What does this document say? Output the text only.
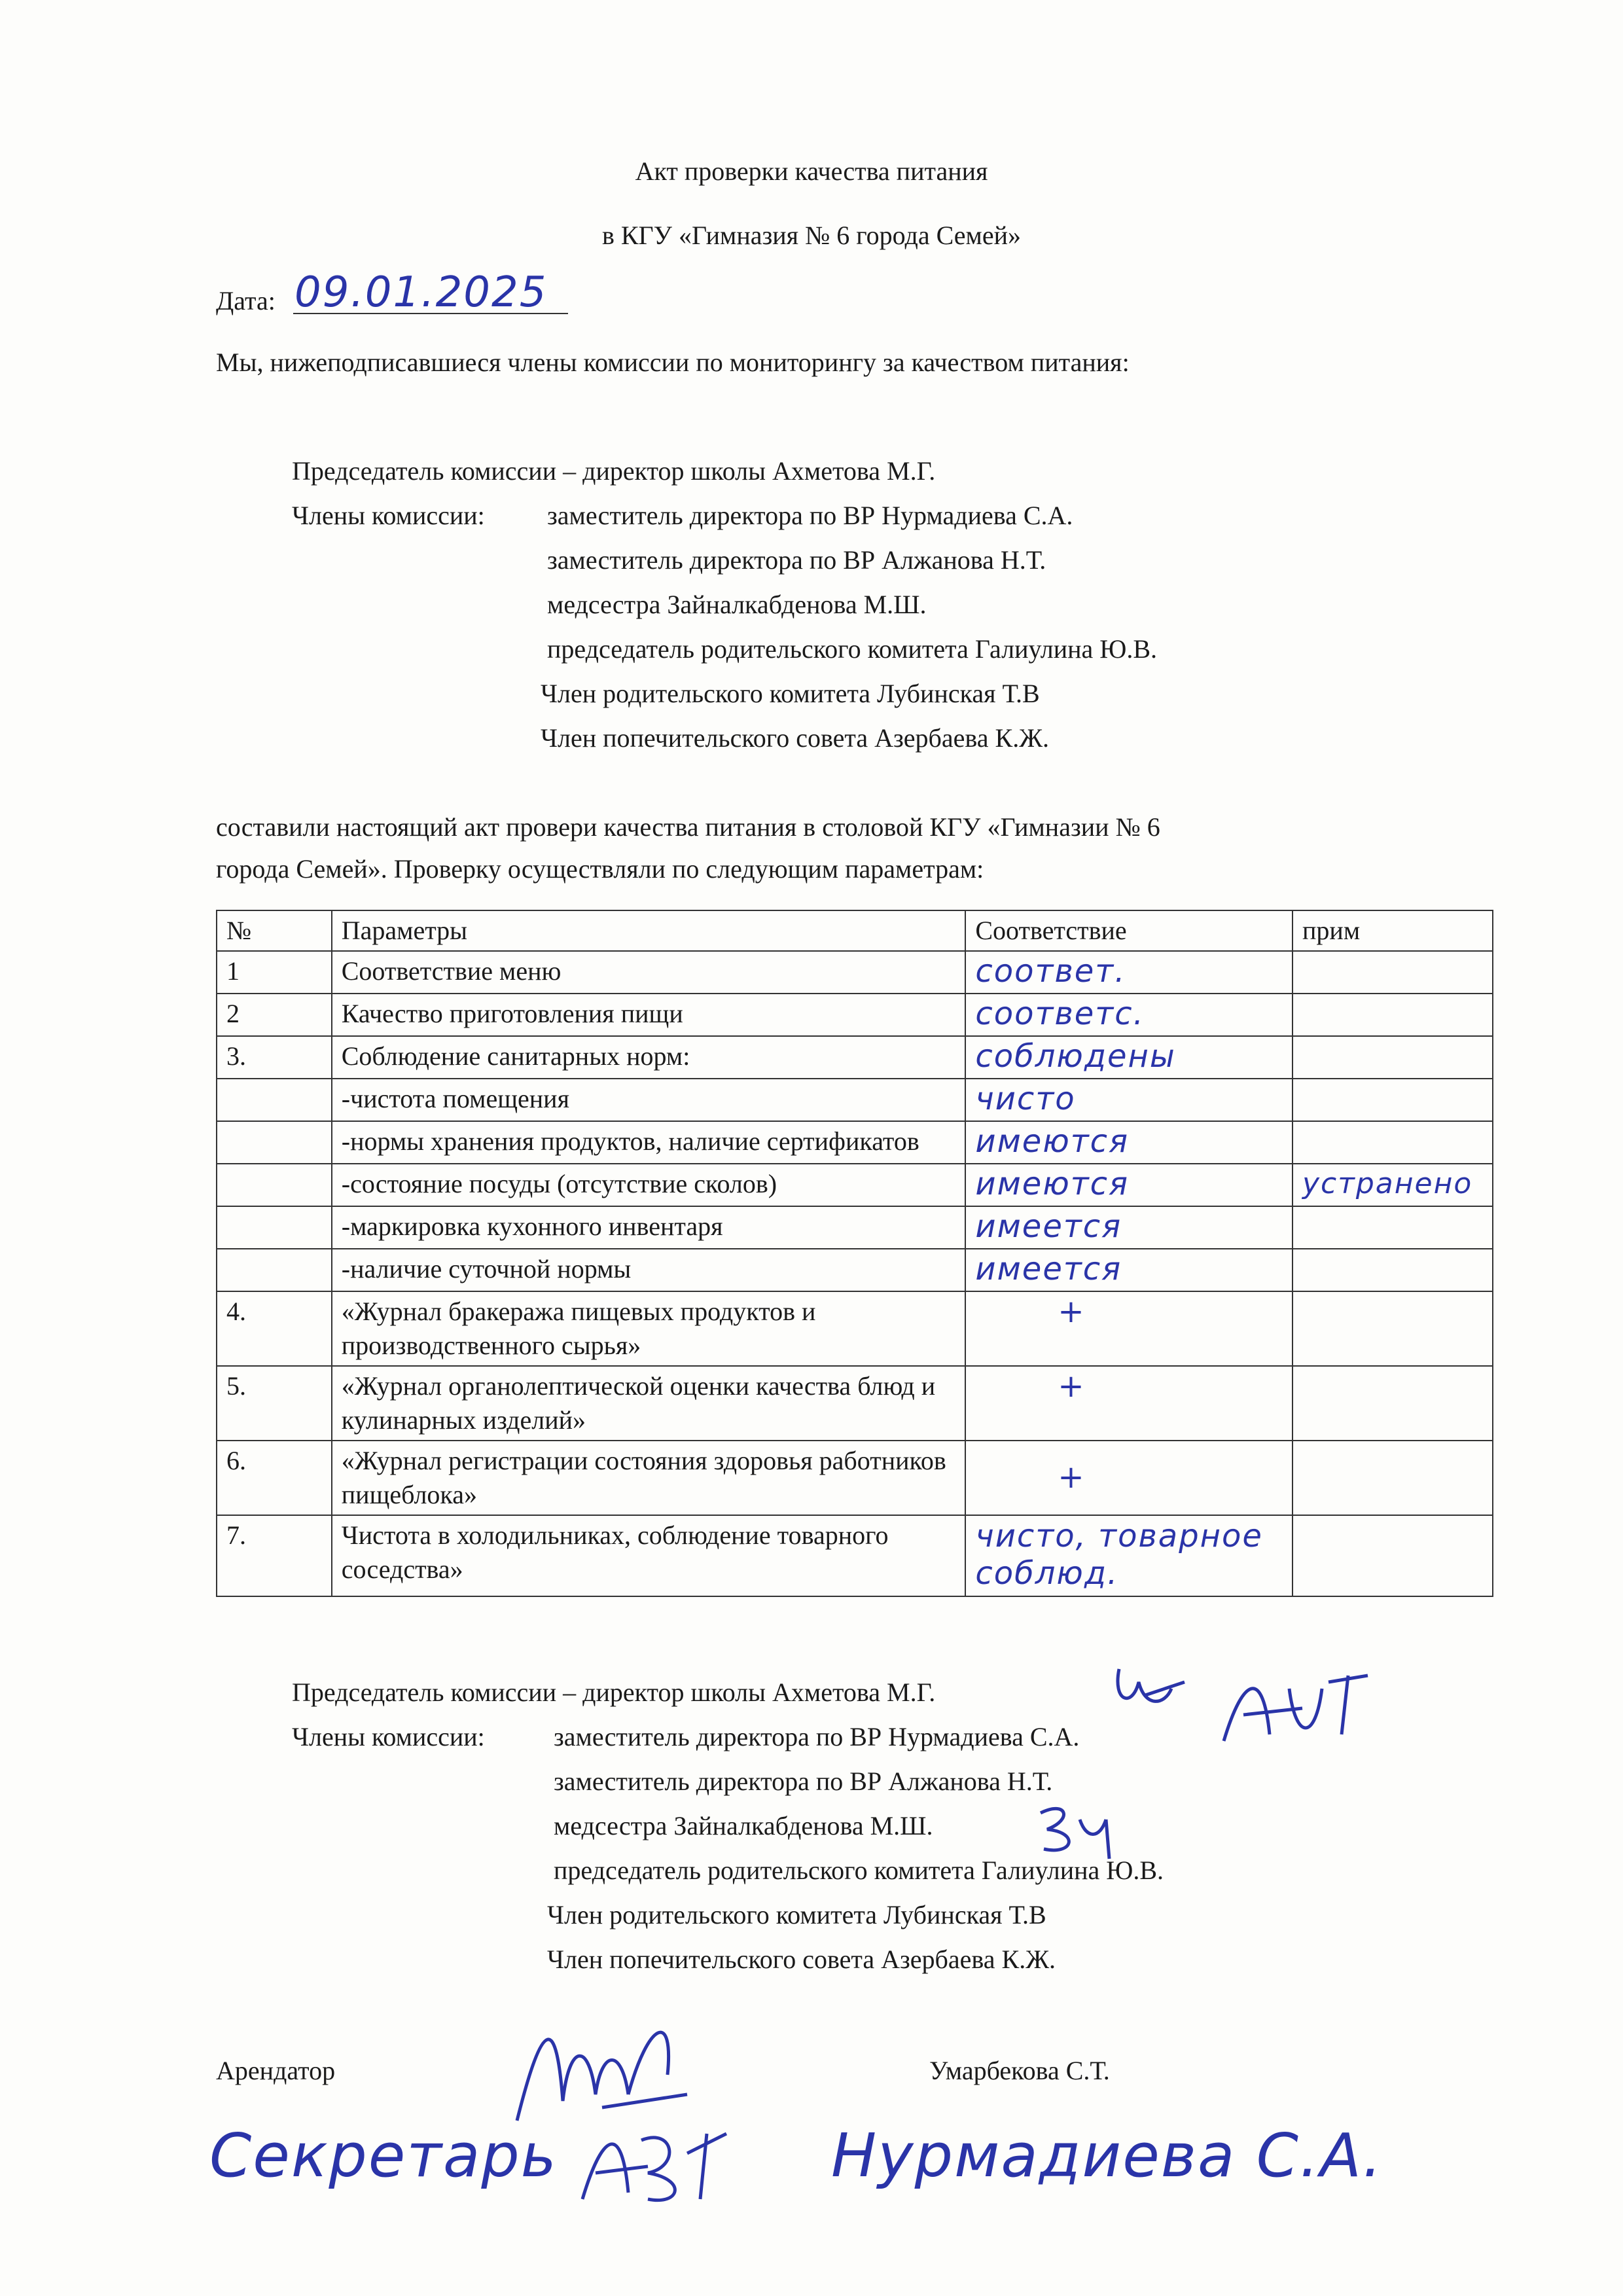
Акт проверки качества питания
в КГУ «Гимназия № 6 города Семей»
Дата: 09.01.2025
Мы, нижеподписавшиеся члены комиссии по мониторингу за качеством питания:
Председатель комиссии – директор школы Ахметова М.Г.
Члены комиссии: заместитель директора по ВР Нурмадиева С.А.
заместитель директора по ВР Алжанова Н.Т.
медсестра Зайналкабденова М.Ш.
председатель родительского комитета Галиулина Ю.В.
Член родительского комитета Лубинская Т.В
Член попечительского совета Азербаева К.Ж.
составили настоящий акт провери качества питания в столовой КГУ «Гимназии № 6
города Семей». Проверку осуществляли по следующим параметрам:
№	Параметры	Соответствие	прим
1	Соответствие меню	соответ.	
2	Качество приготовления пищи	соответс.	
3.	Соблюдение санитарных норм:	соблюдены	
	-чистота помещения	чисто	
	-нормы хранения продуктов, наличие сертификатов	имеются	
	-состояние посуды (отсутствие сколов)	имеются	устранено
	-маркировка кухонного инвентаря	имеется	
	-наличие суточной нормы	имеется	
4.	«Журнал бракеража пищевых продуктов и производственного сырья»	+	
5.	«Журнал органолептической оценки качества блюд и кулинарных изделий»	+	
6.	«Журнал регистрации состояния здоровья работников пищеблока»	+	
7.	Чистота в холодильниках, соблюдение товарного соседства»	чисто, товарное соблюд.	
Председатель комиссии – директор школы Ахметова М.Г.
Члены комиссии:	заместитель директора по ВР Нурмадиева С.А.
заместитель директора по ВР Алжанова Н.Т.
медсестра Зайналкабденова М.Ш.
председатель родительского комитета Галиулина Ю.В.
Член родительского комитета Лубинская Т.В
Член попечительского совета Азербаева К.Ж.
Арендатор	Умарбекова С.Т.
Секретарь	Нурмадиева С.А.
